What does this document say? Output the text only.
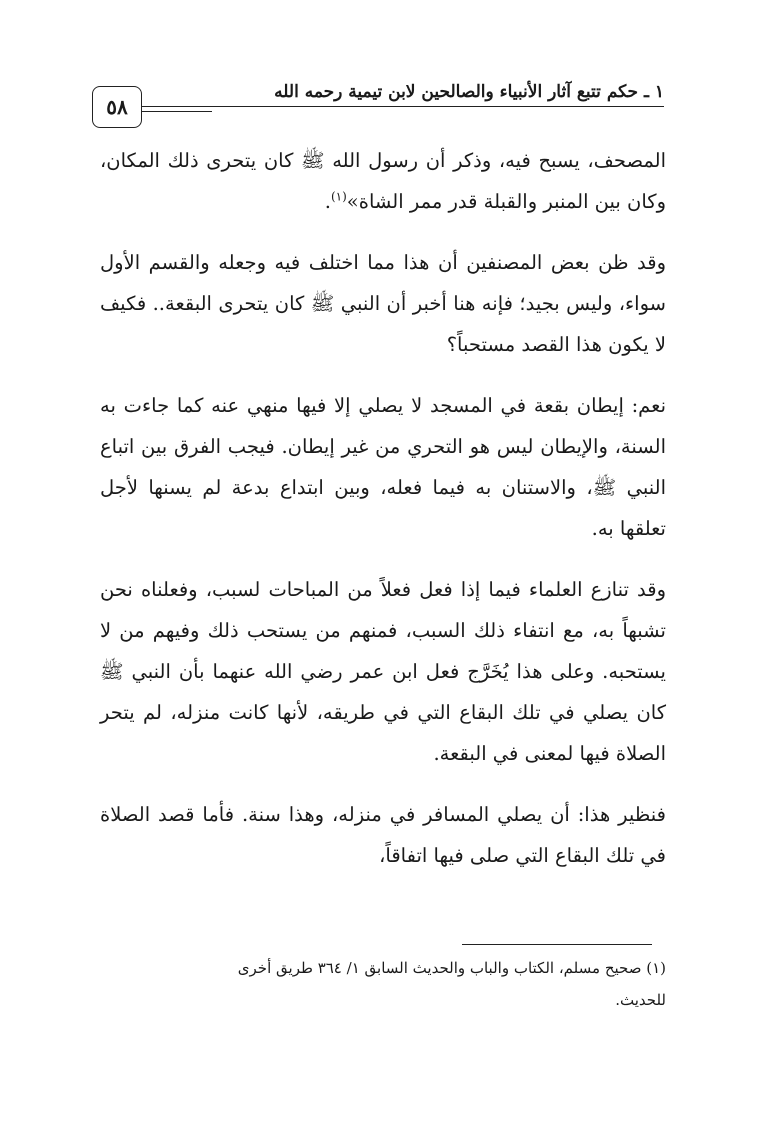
٥٨
١ ـ حكم تتبع آثار الأنبياء والصالحين لابن تيمية رحمه الله

المصحف، يسبح فيه، وذكر أن رسول الله ﷺ كان يتحرى ذلك المكان، وكان بين المنبر والقبلة قدر ممر الشاة»$^{(١)}$.

وقد ظن بعض المصنفين أن هذا مما اختلف فيه وجعله والقسم الأول سواء، وليس بجيد؛ فإنه هنا أخبر أن النبي ﷺ كان يتحرى البقعة.. فكيف لا يكون هذا القصد مستحباً؟

نعم: إيطان بقعة في المسجد لا يصلي إلا فيها منهي عنه كما جاءت به السنة، والإيطان ليس هو التحري من غير إيطان. فيجب الفرق بين اتباع النبي ﷺ، والاستنان به فيما فعله، وبين ابتداع بدعة لم يسنها لأجل تعلقها به.

وقد تنازع العلماء فيما إذا فعل فعلاً من المباحات لسبب، وفعلناه نحن تشبهاً به، مع انتفاء ذلك السبب، فمنهم من يستحب ذلك وفيهم من لا يستحبه. وعلى هذا يُخَرَّج فعل ابن عمر رضي الله عنهما بأن النبي ﷺ كان يصلي في تلك البقاع التي في طريقه، لأنها كانت منزله، لم يتحر الصلاة فيها لمعنى في البقعة.

فنظير هذا: أن يصلي المسافر في منزله، وهذا سنة. فأما قصد الصلاة في تلك البقاع التي صلى فيها اتفاقاً،

(١) صحيح مسلم، الكتاب والباب والحديث السابق ١/ ٣٦٤ طريق أخرى

للحديث.
